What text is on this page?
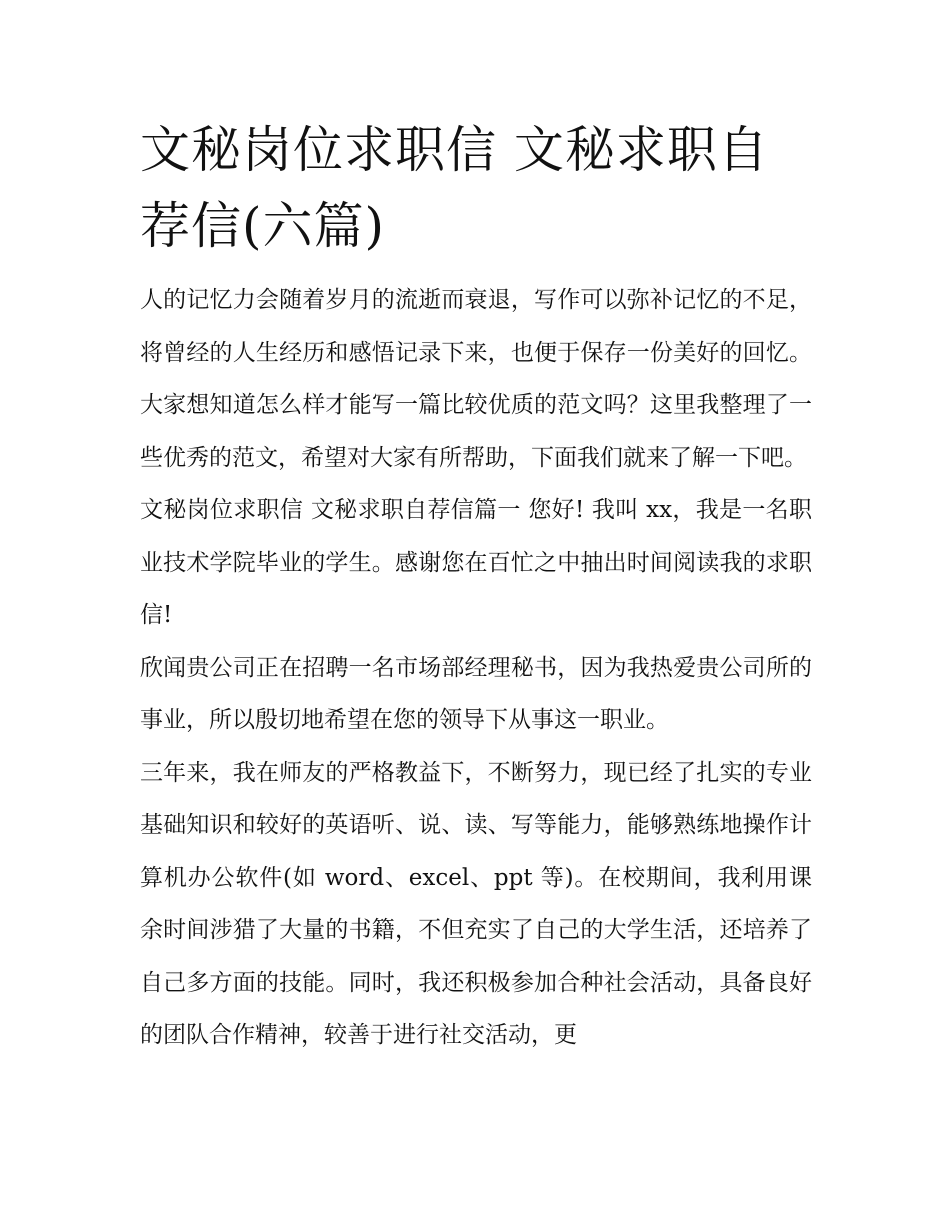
文秘岗位求职信 文秘求职自荐信(六篇)

人的记忆力会随着岁月的流逝而衰退，写作可以弥补记忆的不足，将曾经的人生经历和感悟记录下来，也便于保存一份美好的回忆。大家想知道怎么样才能写一篇比较优质的范文吗？这里我整理了一些优秀的范文，希望对大家有所帮助，下面我们就来了解一下吧。

文秘岗位求职信 文秘求职自荐信篇一 您好! 我叫 xx，我是一名职业技术学院毕业的学生。感谢您在百忙之中抽出时间阅读我的求职信!

欣闻贵公司正在招聘一名市场部经理秘书，因为我热爱贵公司所的事业，所以殷切地希望在您的领导下从事这一职业。

三年来，我在师友的严格教益下，不断努力，现已经了扎实的专业基础知识和较好的英语听、说、读、写等能力，能够熟练地操作计算机办公软件(如 word、excel、ppt 等)。在校期间，我利用课余时间涉猎了大量的书籍，不但充实了自己的大学生活，还培养了自己多方面的技能。同时，我还积极参加合种社会活动，具备良好的团队合作精神，较善于进行社交活动，更
